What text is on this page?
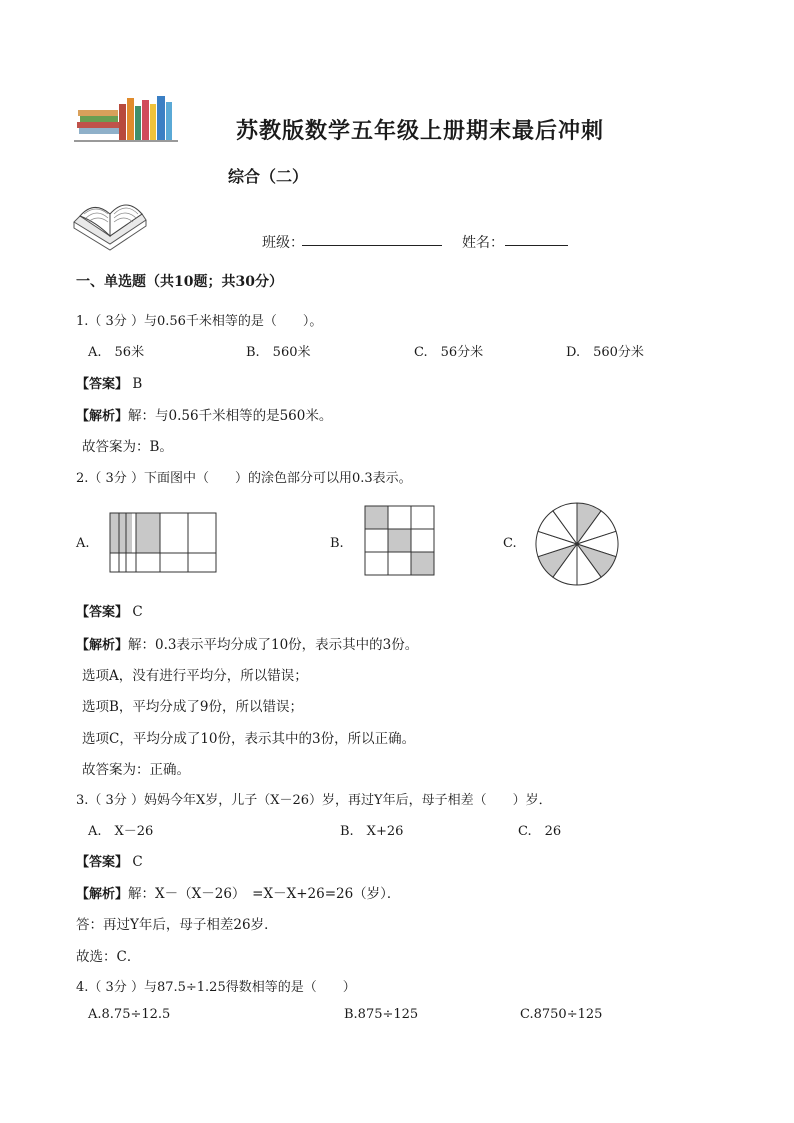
苏教版数学五年级上册期末最后冲刺
综合（二）
班级：	姓名：
一、单选题（共10题；共30分）
1.（ 3分 ）与0.56千米相等的是（　　）。
A.　56米	B.　560米	C.　56分米	D.　560分米
【答案】 B
【解析】解：与0.56千米相等的是560米。
故答案为：B。
2.（ 3分 ）下面图中（　　）的涂色部分可以用0.3表示。
A.	B.	C.
【答案】 C
【解析】解：0.3表示平均分成了10份，表示其中的3份。
选项A，没有进行平均分，所以错误；
选项B，平均分成了9份，所以错误；
选项C，平均分成了10份，表示其中的3份，所以正确。
故答案为：正确。
3.（ 3分 ）妈妈今年X岁，儿子（X－26）岁，再过Y年后，母子相差（　　）岁．
A.　X－26	B.　X+26	C.　26
【答案】 C
【解析】解：X－（X－26）　=X－X+26=26（岁）．
答：再过Y年后，母子相差26岁．
故选：C．
4.（ 3分 ）与87.5÷1.25得数相等的是（　　）
A.8.75÷12.5	B.875÷125	C.8750÷125
